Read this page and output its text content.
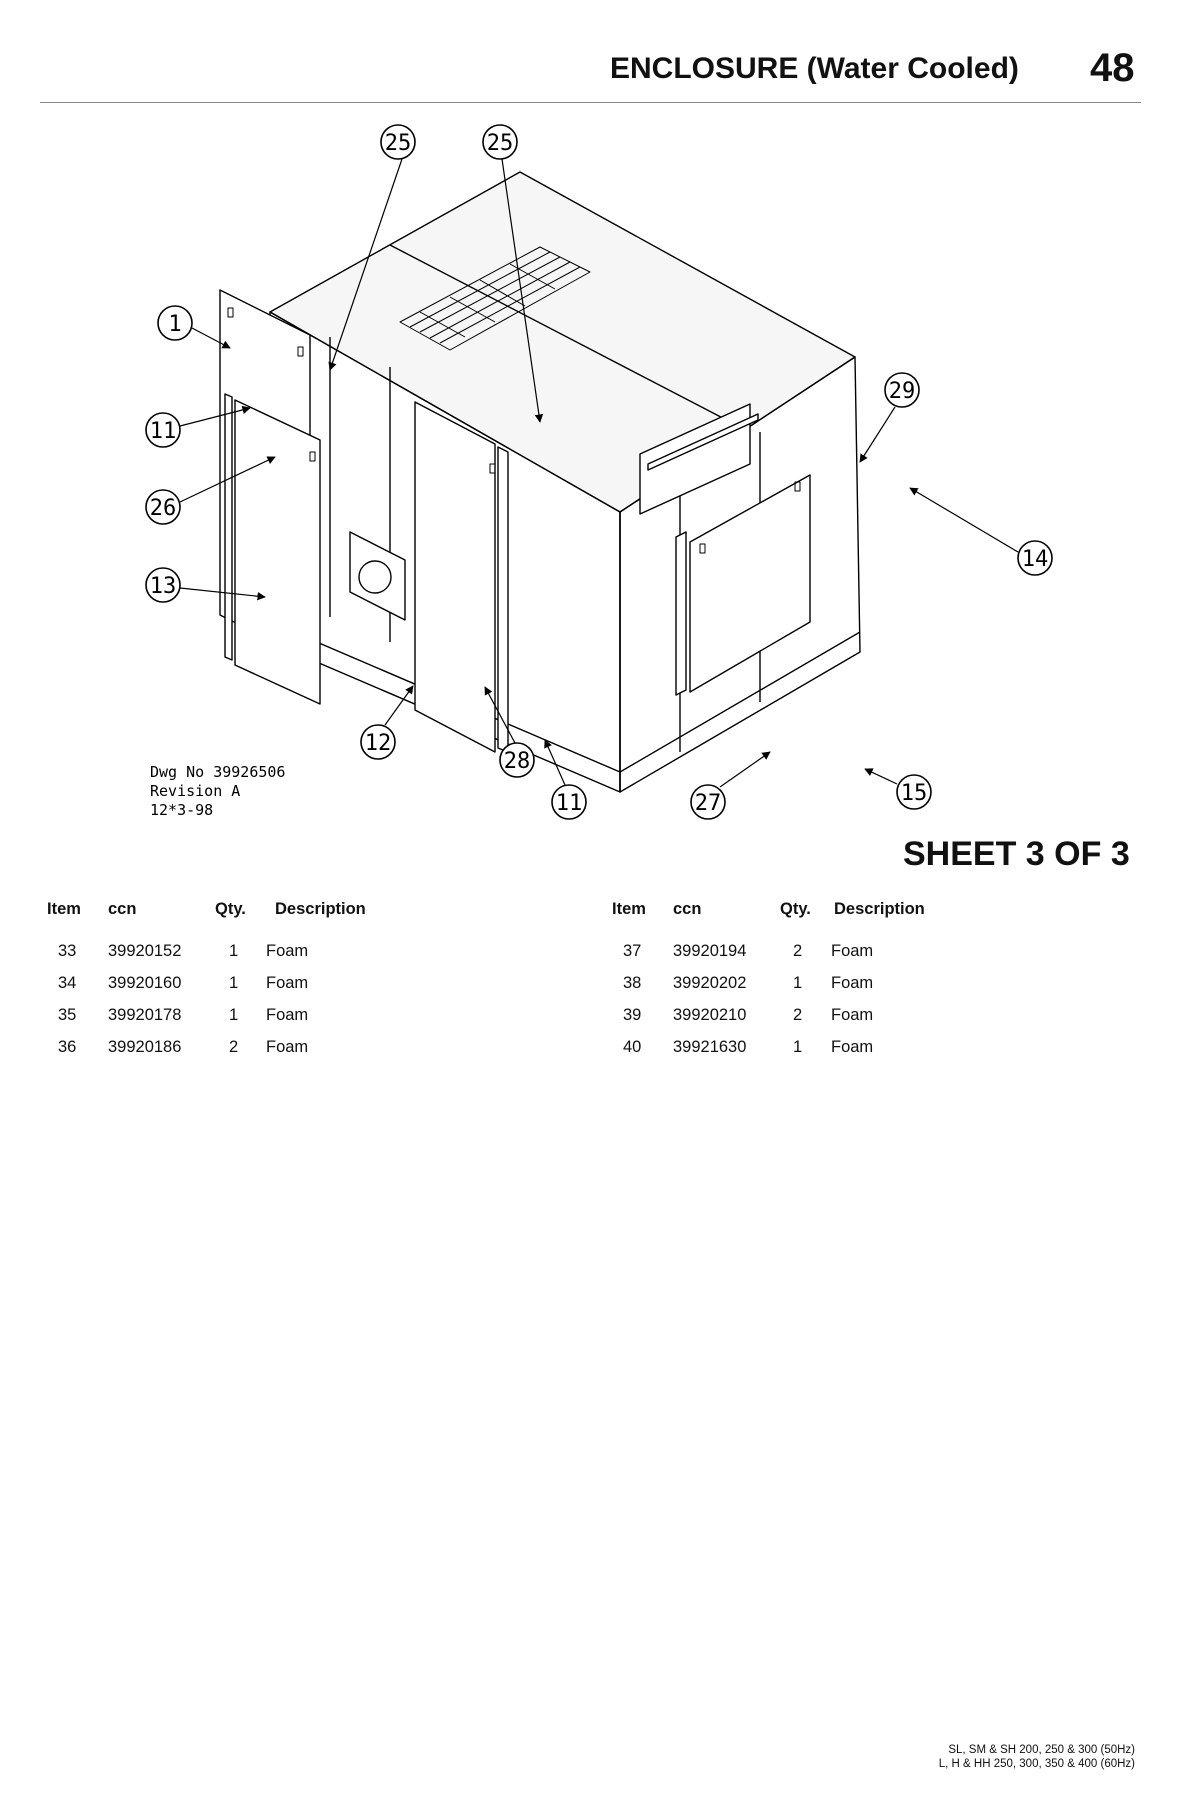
ENCLOSURE (Water Cooled) 48
25	25
1
11
26
13
12
28
11	27	15
14
29
Dwg No 39926506
Revision A
12*3-98
SHEET 3 OF 3
Item ccn	Qty. Description
33 39920152	1 Foam
34 39920160	1 Foam
35 39920178	1 Foam
36 39920186	2 Foam
Item ccn	Qty. Description
37 39920194	2 Foam
38 39920202	1 Foam
39 39920210	2 Foam
40 39921630	1 Foam
SL, SM & SH 200, 250 & 300 (50Hz)
L, H & HH 250, 300, 350 & 400 (60Hz)
